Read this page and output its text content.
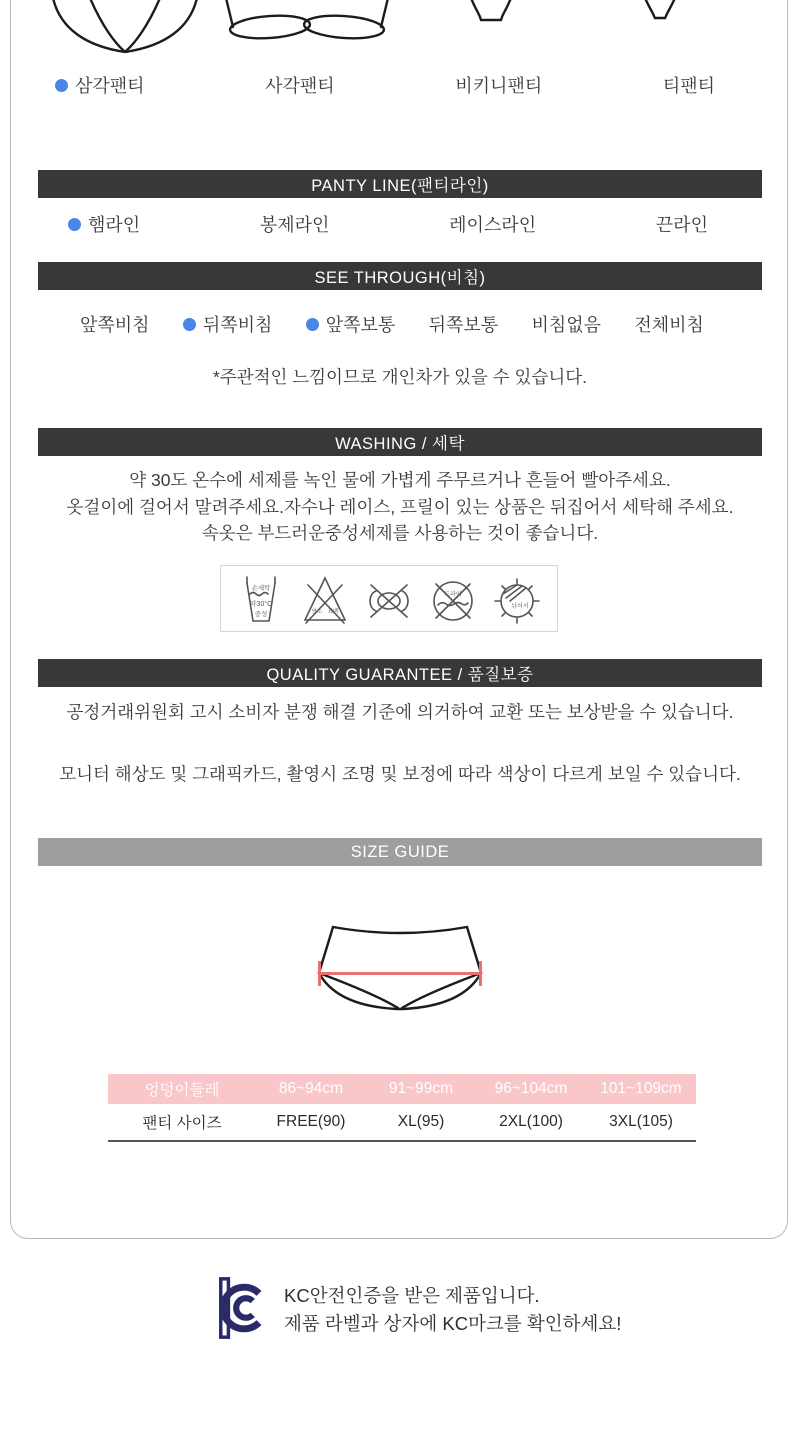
삼각팬티	사각팬티	비키니팬티	티팬티
PANTY LINE(팬티라인)
햄라인	봉제라인	레이스라인	끈라인
SEE THROUGH(비침)
앞쪽비침	뒤쪽비침	앞쪽보통 뒤쪽보통 비침없음 전체비침
*주관적인 느낌이므로 개인차가 있을 수 있습니다.
WASHING / 세탁
약 30도 온수에 세제를 녹인 물에 가볍게 주무르거나 흔들어 빨아주세요.
옷걸이에 걸어서 말려주세요.자수나 레이스, 프릴이 있는 상품은 뒤집어서 세탁해 주세요.
속옷은 부드러운중성세제를 사용하는 것이 좋습니다.
손세탁
약30°C
중성	염소 표백
드라이
뉘어서
QUALITY GUARANTEE / 품질보증
공정거래위원회 고시 소비자 분쟁 해결 기준에 의거하여 교환 또는 보상받을 수 있습니다.
모니터 해상도 및 그래픽카드, 촬영시 조명 및 보정에 따라 색상이 다르게 보일 수 있습니다.
SIZE GUIDE
엉덩이둘레	86~94cm	91~99cm	96~104cm	101~109cm
팬티 사이즈	FREE(90)	XL(95)	2XL(100)	3XL(105)
KC안전인증을 받은 제품입니다.
제품 라벨과 상자에 KC마크를 확인하세요!
